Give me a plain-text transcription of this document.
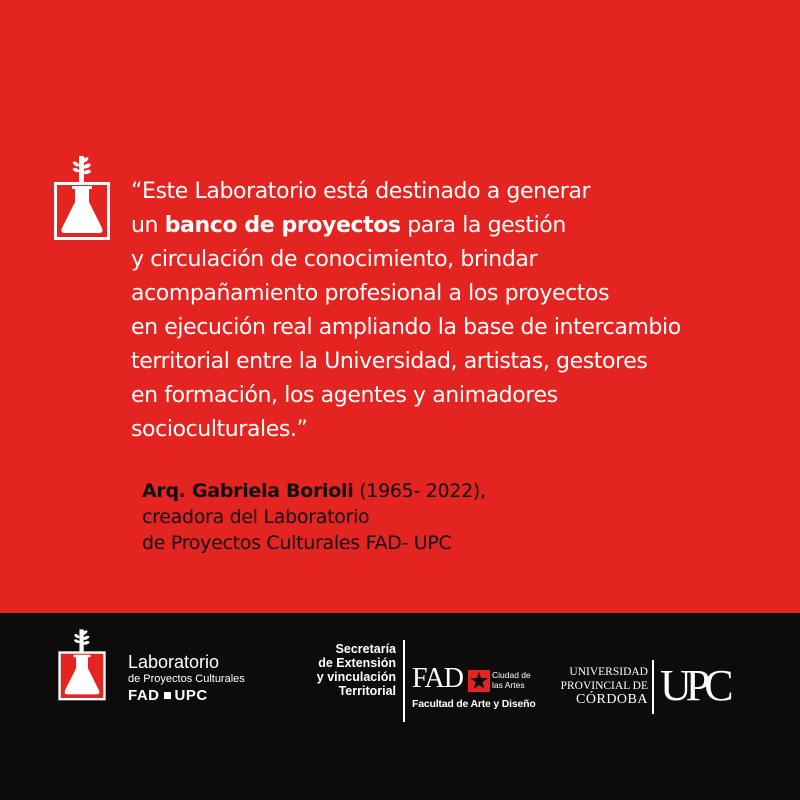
“Este Laboratorio está destinado a generar

un banco de proyectos para la gestión

y circulación de conocimiento, brindar

acompañamiento profesional a los proyectos

en ejecución real ampliando la base de intercambio

territorial entre la Universidad, artistas, gestores

en formación, los agentes y animadores

socioculturales.”

Arq. Gabriela Borioli (1965- 2022),

creadora del Laboratorio

de Proyectos Culturales FAD- UPC

Laboratorio
de Proyectos Culturales
FAD UPC
Secretaría
de Extensión
y vinculación
Territorial FAD	Ciudad de
las Artes
Facultad de Arte y Diseño
UNIVERSIDAD
PROVINCIAL DE
CÓRDOBA UPC
